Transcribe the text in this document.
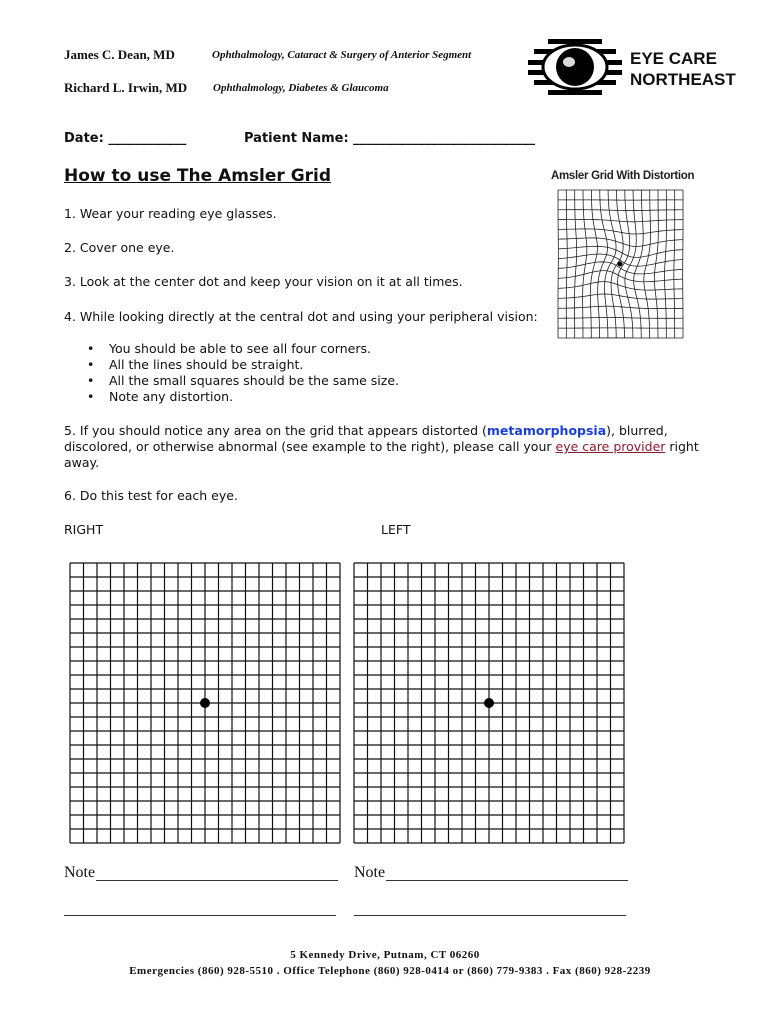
James C. Dean, MD	Ophthalmology, Cataract & Surgery of Anterior Segment
Richard L. Irwin, MD Ophthalmology, Diabetes & Glaucoma
EYE CARE
NORTHEAST
Date: ____________	Patient Name: ____________________________
How to use The Amsler Grid
1. Wear your reading eye glasses.
2. Cover one eye.
3. Look at the center dot and keep your vision on it at all times.
4. While looking directly at the central dot and using your peripheral vision:
• You should be able to see all four corners.
• All the lines should be straight.
• All the small squares should be the same size.
• Note any distortion.
5. If you should notice any area on the grid that appears distorted (metamorphopsia), blurred, discolored, or otherwise abnormal (see example to the right), please call your eye care provider right away.
6. Do this test for each eye.
Amsler Grid With Distortion
RIGHT	LEFT
Note	Note
5 Kennedy Drive, Putnam, CT 06260
Emergencies (860) 928-5510 . Office Telephone (860) 928-0414 or (860) 779-9383 . Fax (860) 928-2239
